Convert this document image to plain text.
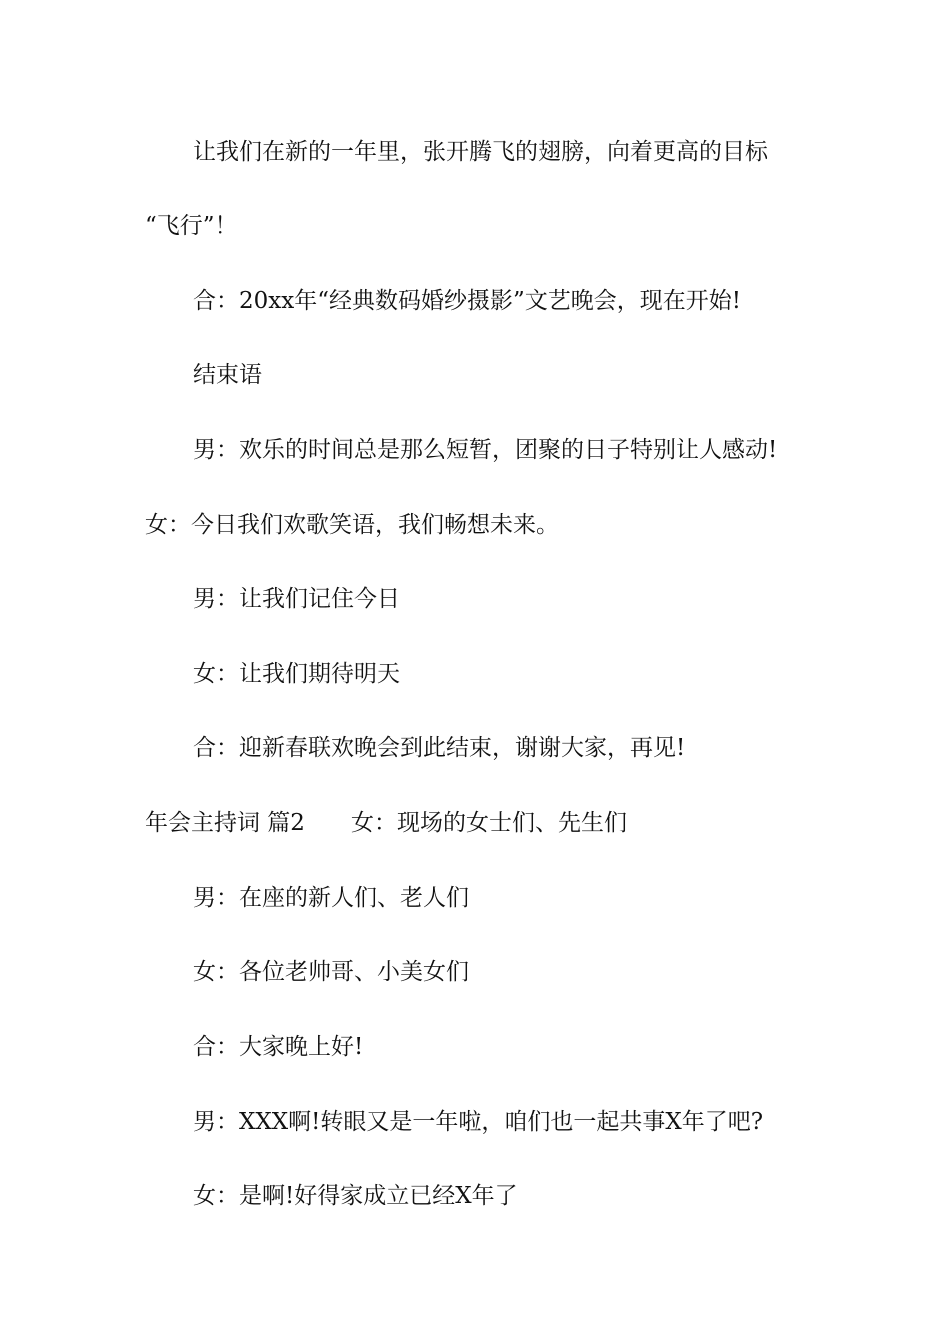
让我们在新的一年里，张开腾飞的翅膀，向着更高的目标
“飞行”！
合：20xx年“经典数码婚纱摄影”文艺晚会，现在开始!
结束语
男：欢乐的时间总是那么短暂，团聚的日子特别让人感动!
女：今日我们欢歌笑语，我们畅想未来。
男：让我们记住今日
女：让我们期待明天
合：迎新春联欢晚会到此结束，谢谢大家，再见!
年会主持词 篇2 女：现场的女士们、先生们
男：在座的新人们、老人们
女：各位老帅哥、小美女们
合：大家晚上好!
男：XXX啊!转眼又是一年啦，咱们也一起共事X年了吧?
女：是啊!好得家成立已经X年了
